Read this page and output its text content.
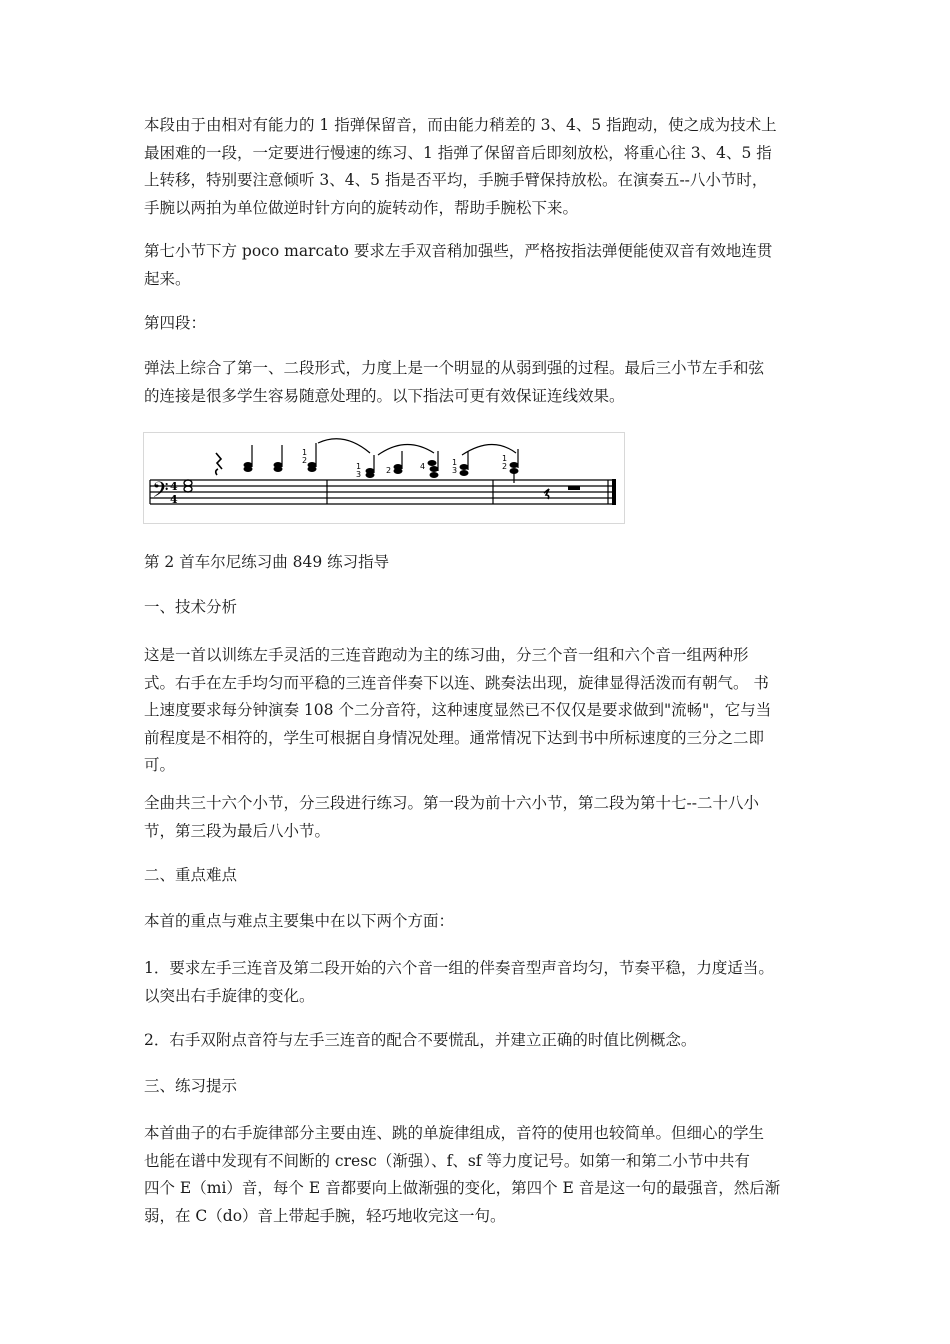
本段由于由相对有能力的 1 指弹保留音，而由能力稍差的 3、4、5 指跑动，使之成为技术上
最困难的一段，一定要进行慢速的练习、1 指弹了保留音后即刻放松，将重心往 3、4、5 指
上转移，特别要注意倾听 3、4、5 指是否平均，手腕手臂保持放松。在演奏五--八小节时，
手腕以两拍为单位做逆时针方向的旋转动作，帮助手腕松下来。
第七小节下方 poco marcato 要求左手双音稍加强些，严格按指法弹便能使双音有效地连贯
起来。
第四段：
弹法上综合了第一、二段形式，力度上是一个明显的从弱到强的过程。最后三小节左手和弦
的连接是很多学生容易随意处理的。以下指法可更有效保证连线效果。
𝄢 4
4
1
2
1
3	2	4	1
3
1
2
第 2 首车尔尼练习曲 849 练习指导
一、技术分析
这是一首以训练左手灵活的三连音跑动为主的练习曲，分三个音一组和六个音一组两种形
式。右手在左手均匀而平稳的三连音伴奏下以连、跳奏法出现，旋律显得活泼而有朝气。 书
上速度要求每分钟演奏 108 个二分音符，这种速度显然已不仅仅是要求做到"流畅"，它与当
前程度是不相符的，学生可根据自身情况处理。通常情况下达到书中所标速度的三分之二即
可。
全曲共三十六个小节，分三段进行练习。第一段为前十六小节，第二段为第十七--二十八小
节，第三段为最后八小节。
二、重点难点
本首的重点与难点主要集中在以下两个方面：
1．要求左手三连音及第二段开始的六个音一组的伴奏音型声音均匀，节奏平稳，力度适当。
以突出右手旋律的变化。
2．右手双附点音符与左手三连音的配合不要慌乱，并建立正确的时值比例概念。
三、练习提示
本首曲子的右手旋律部分主要由连、跳的单旋律组成，音符的使用也较简单。但细心的学生
也能在谱中发现有不间断的 cresc（渐强）、f、sf 等力度记号。如第一和第二小节中共有
四个 E（mi）音，每个 E 音都要向上做渐强的变化，第四个 E 音是这一句的最强音，然后渐
弱，在 C（do）音上带起手腕，轻巧地收完这一句。
